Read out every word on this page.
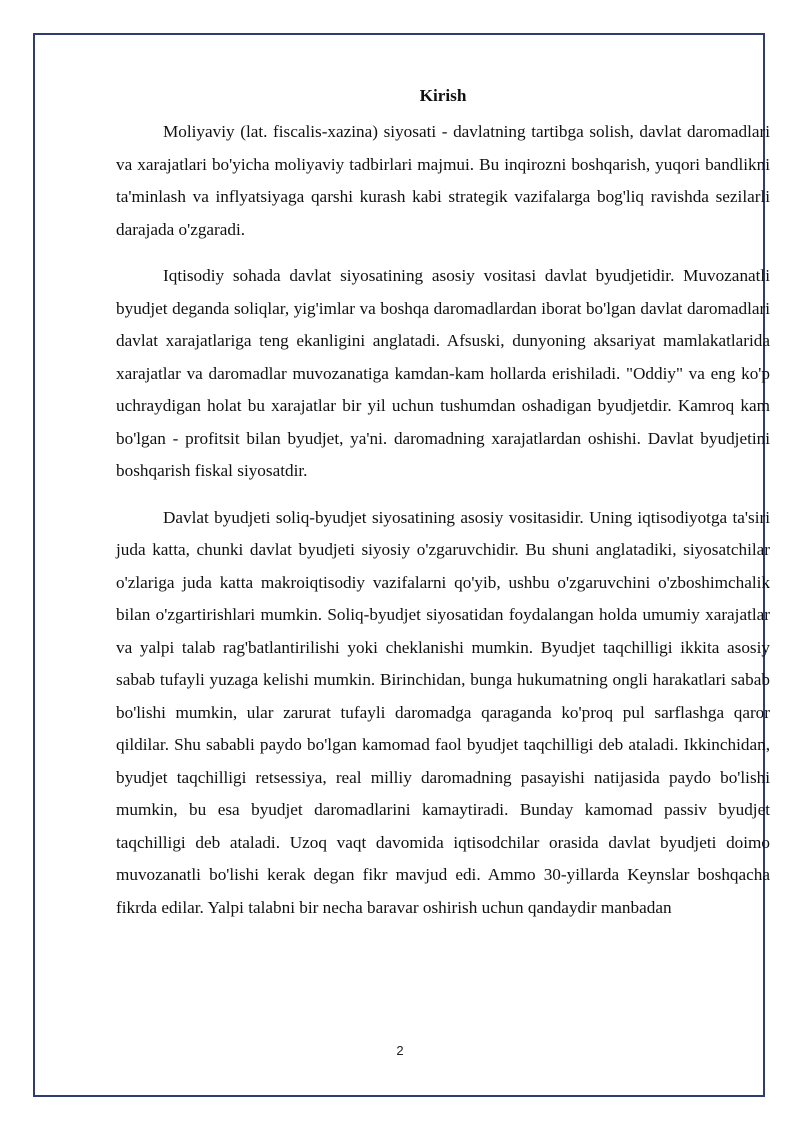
Kirish

Moliyaviy (lat. fiscalis-xazina) siyosati - davlatning tartibga solish, davlat daromadlari va xarajatlari bo'yicha moliyaviy tadbirlari majmui. Bu inqirozni boshqarish, yuqori bandlikni ta'minlash va inflyatsiyaga qarshi kurash kabi strategik vazifalarga bog'liq ravishda sezilarli darajada o'zgaradi.

Iqtisodiy sohada davlat siyosatining asosiy vositasi davlat byudjetidir. Muvozanatli byudjet deganda soliqlar, yig'imlar va boshqa daromadlardan iborat bo'lgan davlat daromadlari davlat xarajatlariga teng ekanligini anglatadi. Afsuski, dunyoning aksariyat mamlakatlarida xarajatlar va daromadlar muvozanatiga kamdan-kam hollarda erishiladi. "Oddiy" va eng ko'p uchraydigan holat bu xarajatlar bir yil uchun tushumdan oshadigan byudjetdir. Kamroq kam bo'lgan - profitsit bilan byudjet, ya'ni. daromadning xarajatlardan oshishi. Davlat byudjetini boshqarish fiskal siyosatdir.

Davlat byudjeti soliq-byudjet siyosatining asosiy vositasidir. Uning iqtisodiyotga ta'siri juda katta, chunki davlat byudjeti siyosiy o'zgaruvchidir. Bu shuni anglatadiki, siyosatchilar o'zlariga juda katta makroiqtisodiy vazifalarni qo'yib, ushbu o'zgaruvchini o'zboshimchalik bilan o'zgartirishlari mumkin. Soliq-byudjet siyosatidan foydalangan holda umumiy xarajatlar va yalpi talab rag'batlantirilishi yoki cheklanishi mumkin. Byudjet taqchilligi ikkita asosiy sabab tufayli yuzaga kelishi mumkin. Birinchidan, bunga hukumatning ongli harakatlari sabab bo'lishi mumkin, ular zarurat tufayli daromadga qaraganda ko'proq pul sarflashga qaror qildilar. Shu sababli paydo bo'lgan kamomad faol byudjet taqchilligi deb ataladi. Ikkinchidan, byudjet taqchilligi retsessiya, real milliy daromadning pasayishi natijasida paydo bo'lishi mumkin, bu esa byudjet daromadlarini kamaytiradi. Bunday kamomad passiv byudjet taqchilligi deb ataladi. Uzoq vaqt davomida iqtisodchilar orasida davlat byudjeti doimo muvozanatli bo'lishi kerak degan fikr mavjud edi. Ammo 30-yillarda Keynslar boshqacha fikrda edilar. Yalpi talabni bir necha baravar oshirish uchun qandaydir manbadan

2
